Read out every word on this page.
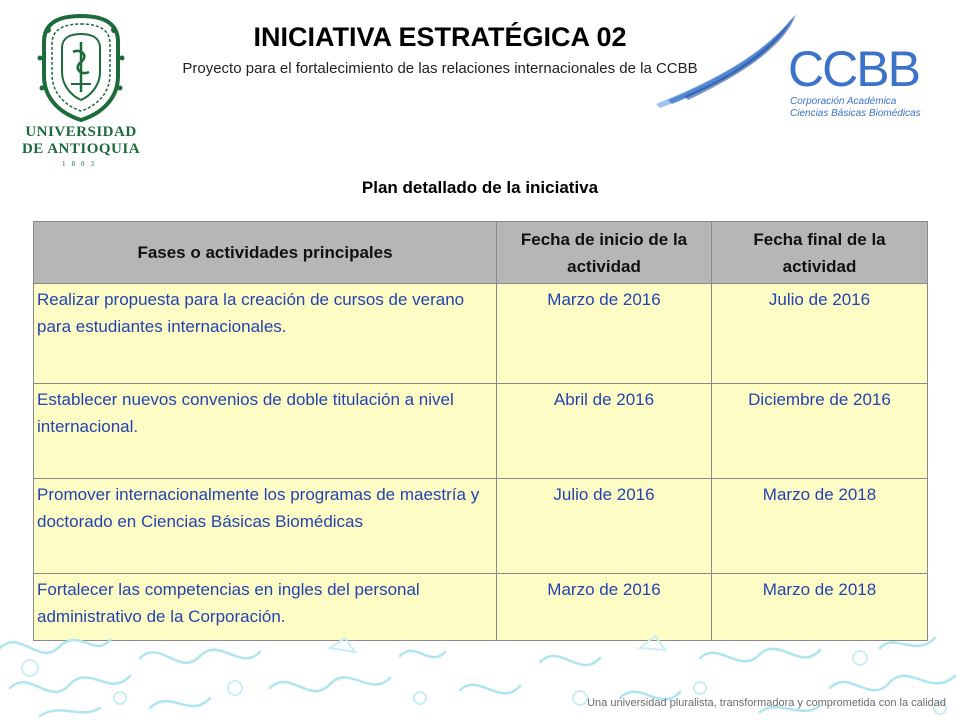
UNIVERSIDAD
DE ANTIOQUIA
1803
INICIATIVA ESTRATÉGICA 02
Proyecto para el fortalecimiento de las relaciones internacionales de la CCBB CCBB
Corporación Académica
Ciencias Básicas Biomédicas
Plan detallado de la iniciativa
Fases o actividades principales	Fecha de inicio de la actividad	Fecha final de la actividad
Realizar propuesta para la creación de cursos de verano para estudiantes internacionales.	Marzo de 2016	Julio de 2016
Establecer nuevos convenios de doble titulación a nivel internacional.	Abril de 2016	Diciembre de 2016
Promover internacionalmente los programas de maestría y doctorado en Ciencias Básicas Biomédicas	Julio de 2016	Marzo de 2018
Fortalecer las competencias en ingles del personal administrativo de la Corporación.	Marzo de 2016	Marzo de 2018
Una universidad pluralista, transformadora y comprometida con la calidad
